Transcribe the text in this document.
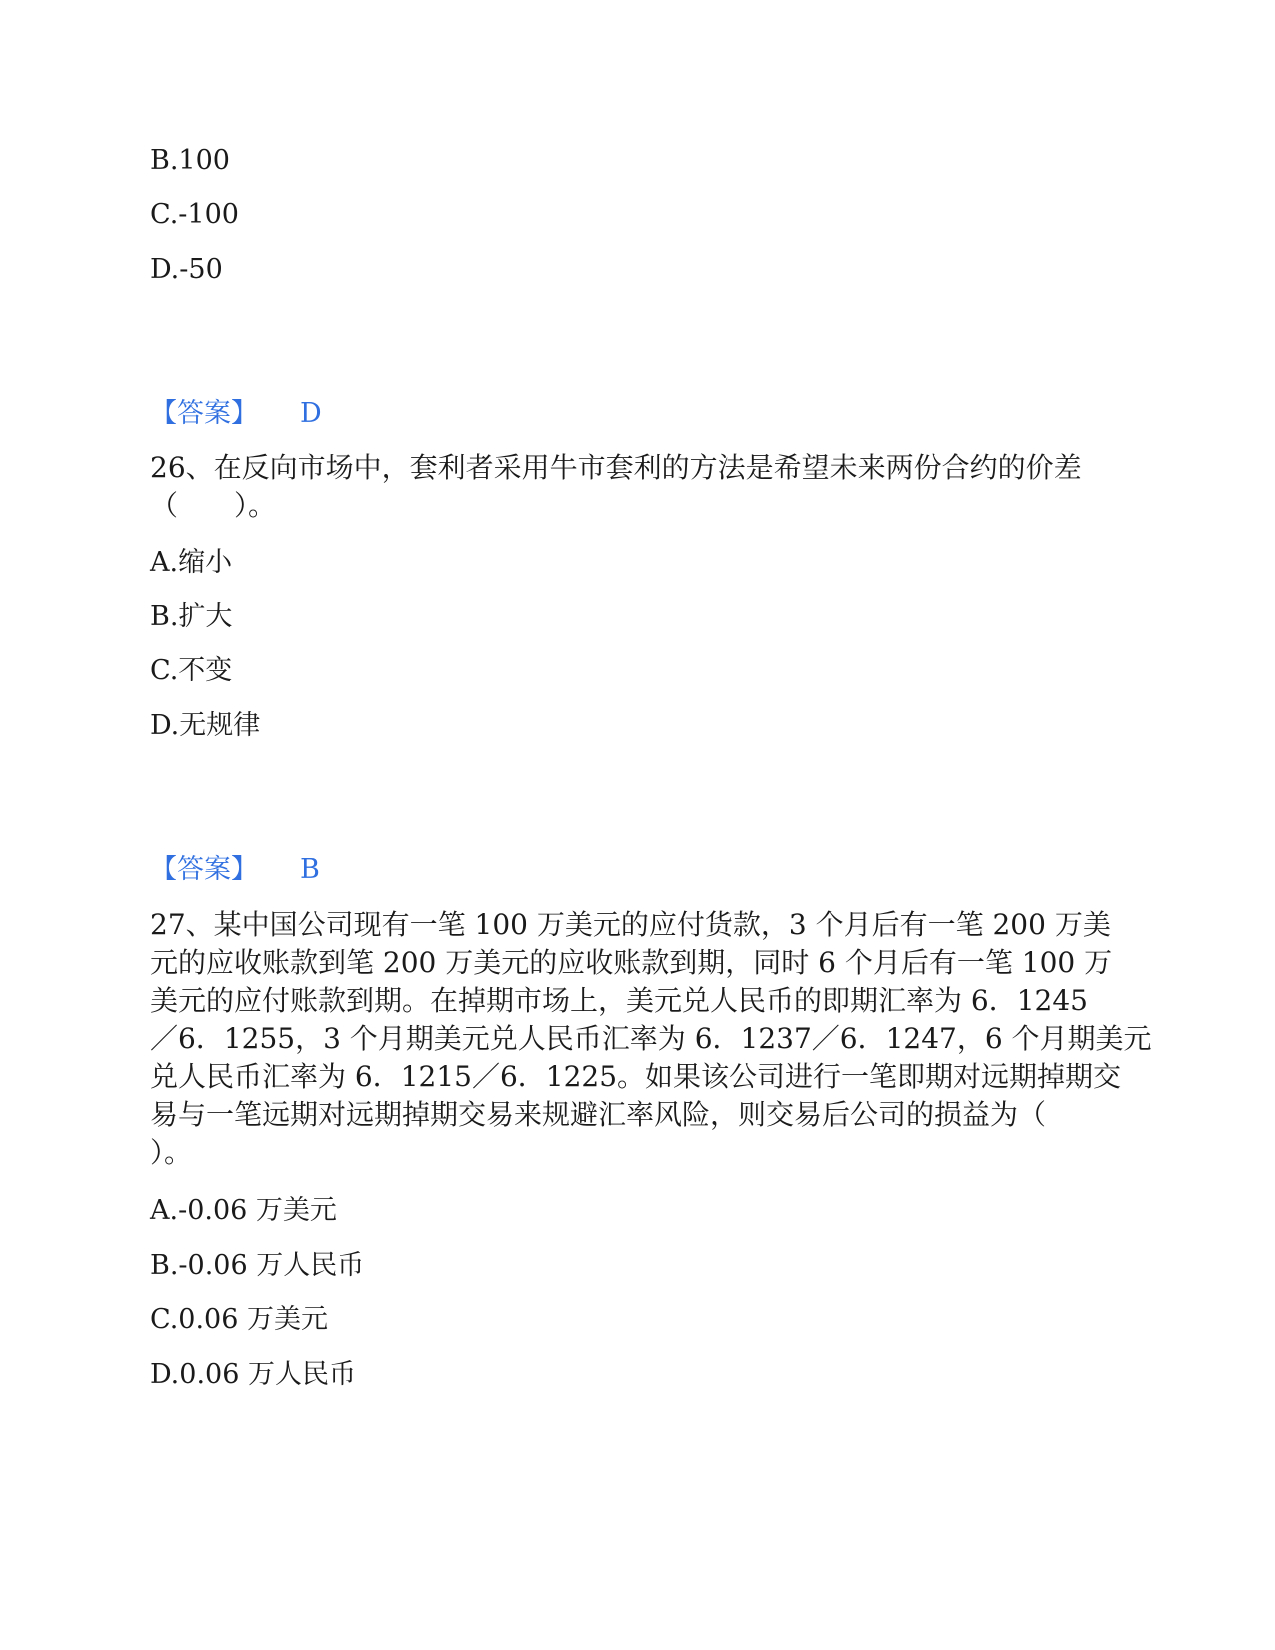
B.100
C.-100
D.-50
【答案】 D
26、在反向市场中，套利者采用牛市套利的方法是希望未来两份合约的价差
（　　）。
A.缩小
B.扩大
C.不变
D.无规律
【答案】 B
27、某中国公司现有一笔 100 万美元的应付货款，3 个月后有一笔 200 万美
元的应收账款到笔 200 万美元的应收账款到期，同时 6 个月后有一笔 100 万
美元的应付账款到期。在掉期市场上，美元兑人民币的即期汇率为 6．1245
／6．1255，3 个月期美元兑人民币汇率为 6．1237／6．1247，6 个月期美元
兑人民币汇率为 6．1215／6．1225。如果该公司进行一笔即期对远期掉期交
易与一笔远期对远期掉期交易来规避汇率风险，则交易后公司的损益为（
）。
A.-0.06 万美元
B.-0.06 万人民币
C.0.06 万美元
D.0.06 万人民币
